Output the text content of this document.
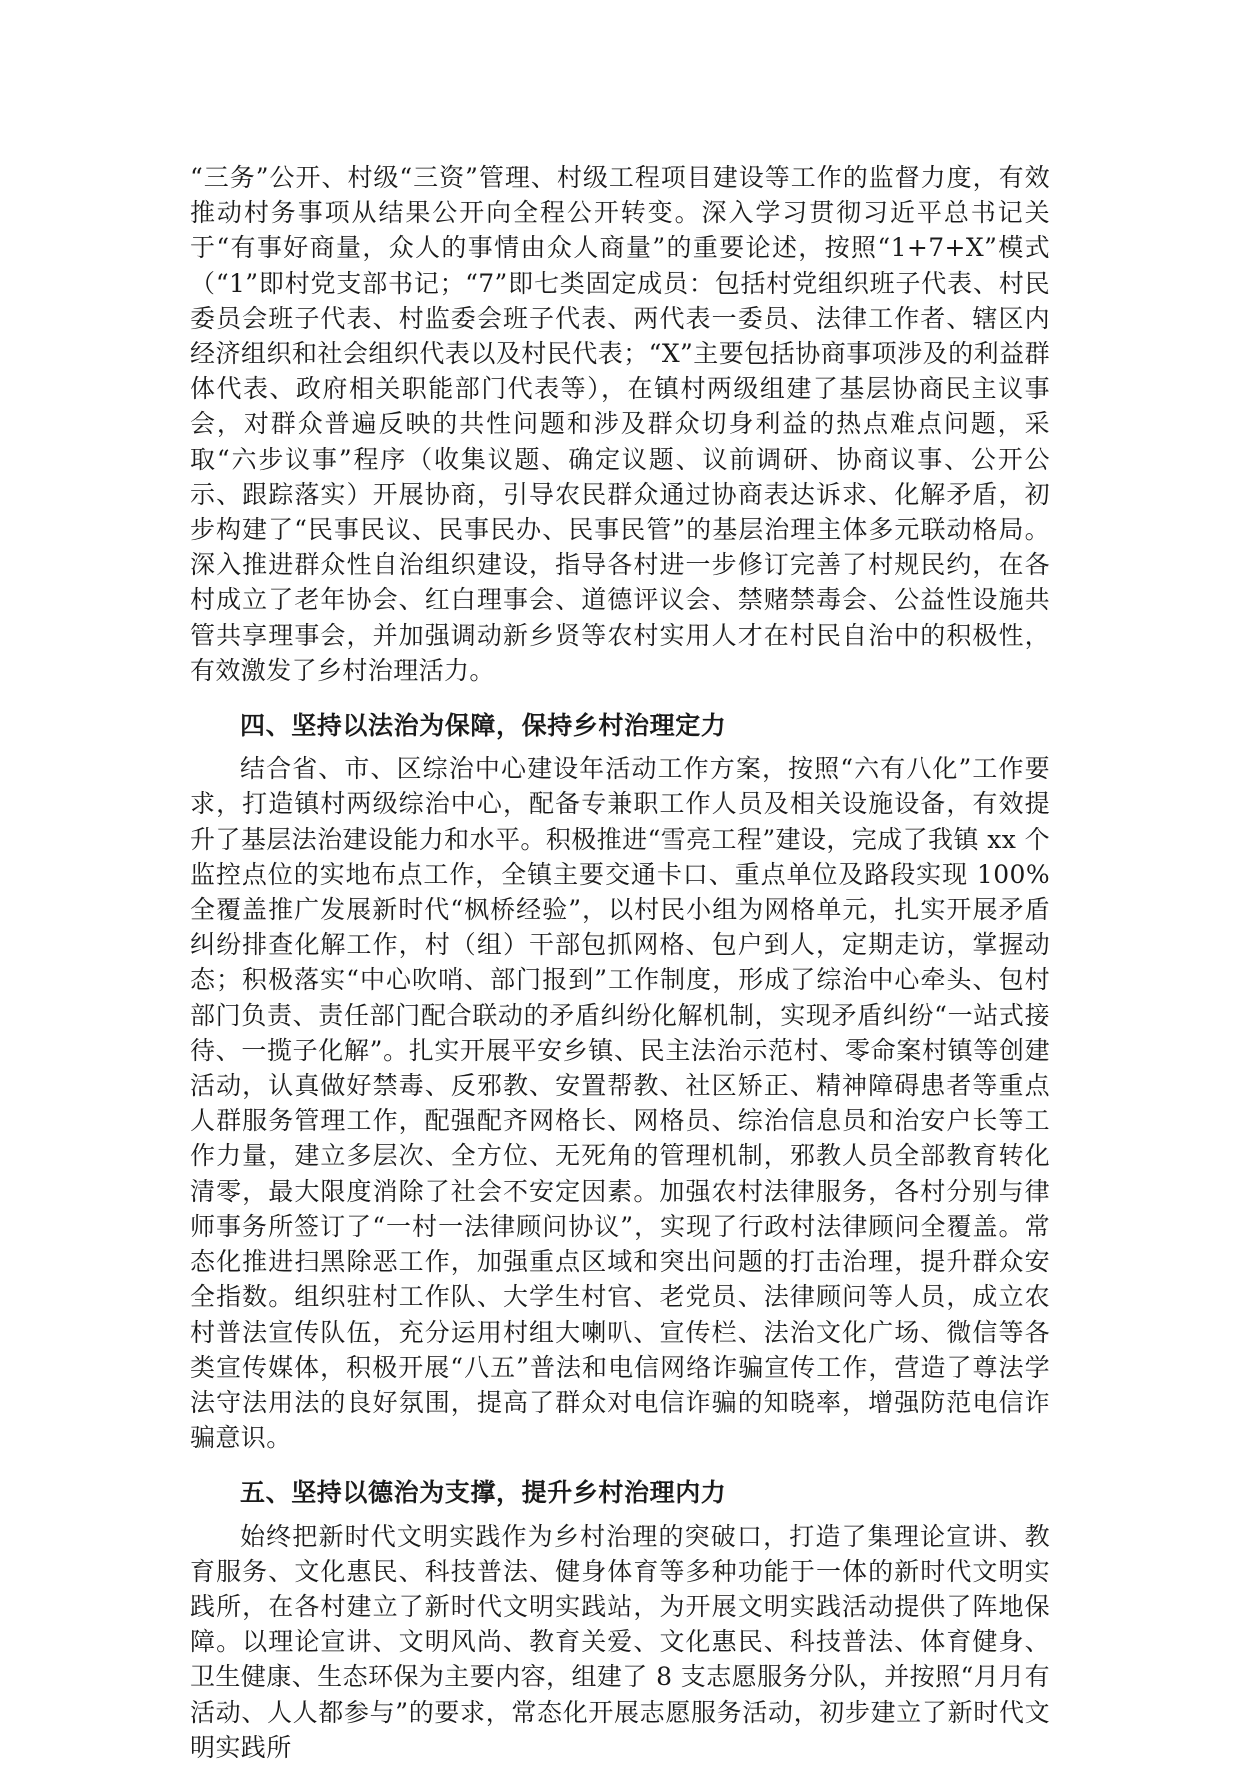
“三务”公开、村级“三资”管理、村级工程项目建设等工作的监督力度，有效推动村务事项从结果公开向全程公开转变。深入学习贯彻习近平总书记关于“有事好商量，众人的事情由众人商量”的重要论述，按照“1+7+X”模式（“1”即村党支部书记；“7”即七类固定成员：包括村党组织班子代表、村民委员会班子代表、村监委会班子代表、两代表一委员、法律工作者、辖区内经济组织和社会组织代表以及村民代表；“X”主要包括协商事项涉及的利益群体代表、政府相关职能部门代表等），在镇村两级组建了基层协商民主议事会，对群众普遍反映的共性问题和涉及群众切身利益的热点难点问题，采取“六步议事”程序（收集议题、确定议题、议前调研、协商议事、公开公示、跟踪落实）开展协商，引导农民群众通过协商表达诉求、化解矛盾，初步构建了“民事民议、民事民办、民事民管”的基层治理主体多元联动格局。深入推进群众性自治组织建设，指导各村进一步修订完善了村规民约，在各村成立了老年协会、红白理事会、道德评议会、禁赌禁毒会、公益性设施共管共享理事会，并加强调动新乡贤等农村实用人才在村民自治中的积极性，有效激发了乡村治理活力。

四、坚持以法治为保障，保持乡村治理定力

结合省、市、区综治中心建设年活动工作方案，按照“六有八化”工作要求，打造镇村两级综治中心，配备专兼职工作人员及相关设施设备，有效提升了基层法治建设能力和水平。积极推进“雪亮工程”建设，完成了我镇 xx 个监控点位的实地布点工作，全镇主要交通卡口、重点单位及路段实现 100%全覆盖推广发展新时代“枫桥经验”，以村民小组为网格单元，扎实开展矛盾纠纷排查化解工作，村（组）干部包抓网格、包户到人，定期走访，掌握动态；积极落实“中心吹哨、部门报到”工作制度，形成了综治中心牵头、包村部门负责、责任部门配合联动的矛盾纠纷化解机制，实现矛盾纠纷“一站式接待、一揽子化解”。扎实开展平安乡镇、民主法治示范村、零命案村镇等创建活动，认真做好禁毒、反邪教、安置帮教、社区矫正、精神障碍患者等重点人群服务管理工作，配强配齐网格长、网格员、综治信息员和治安户长等工作力量，建立多层次、全方位、无死角的管理机制，邪教人员全部教育转化清零，最大限度消除了社会不安定因素。加强农村法律服务，各村分别与律师事务所签订了“一村一法律顾问协议”，实现了行政村法律顾问全覆盖。常态化推进扫黑除恶工作，加强重点区域和突出问题的打击治理，提升群众安全指数。组织驻村工作队、大学生村官、老党员、法律顾问等人员，成立农村普法宣传队伍，充分运用村组大喇叭、宣传栏、法治文化广场、微信等各类宣传媒体，积极开展“八五”普法和电信网络诈骗宣传工作，营造了尊法学法守法用法的良好氛围，提高了群众对电信诈骗的知晓率，增强防范电信诈骗意识。

五、坚持以德治为支撑，提升乡村治理内力

始终把新时代文明实践作为乡村治理的突破口，打造了集理论宣讲、教育服务、文化惠民、科技普法、健身体育等多种功能于一体的新时代文明实践所，在各村建立了新时代文明实践站，为开展文明实践活动提供了阵地保障。以理论宣讲、文明风尚、教育关爱、文化惠民、科技普法、体育健身、卫生健康、生态环保为主要内容，组建了 8 支志愿服务分队，并按照“月月有活动、人人都参与”的要求，常态化开展志愿服务活动，初步建立了新时代文明实践所
